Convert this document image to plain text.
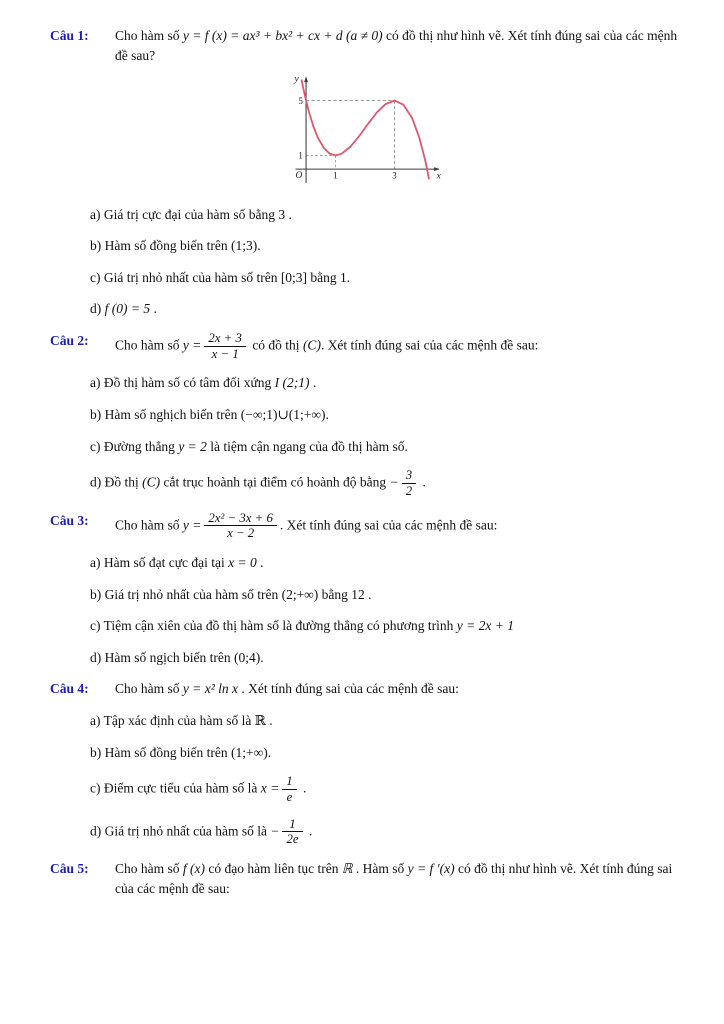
Câu 1:	Cho hàm số y = f (x) = ax³ + bx² + cx + d (a ≠ 0) có đồ thị như hình vẽ. Xét tính đúng sai của các mệnh đề sau?
y
x
O
5
1
1	3
a) Giá trị cực đại của hàm số bằng 3 .
b) Hàm số đồng biến trên (1;3).
c) Giá trị nhỏ nhất của hàm số trên [0;3] bằng 1.
d) f (0) = 5 .
Câu 2:	Cho hàm số $y = \frac{2x + 3}{x - 1}$ có đồ thị (C). Xét tính đúng sai của các mệnh đề sau:
a) Đồ thị hàm số có tâm đối xứng I (2;1) .
b) Hàm số nghịch biến trên (−∞;1)∪(1;+∞).
c) Đường thẳng y = 2 là tiệm cận ngang của đồ thị hàm số.
d) Đồ thị (C) cắt trục hoành tại điểm có hoành độ bằng − $\frac{3}{2}$ .
Câu 3:	Cho hàm số $y = \frac{\text{2x² − 3x + 6}}{x - 2}$ . Xét tính đúng sai của các mệnh đề sau:
a) Hàm số đạt cực đại tại x = 0 .
b) Giá trị nhỏ nhất của hàm số trên (2;+∞) bằng 12 .
c) Tiệm cận xiên của đồ thị hàm số là đường thẳng có phương trình y = 2x + 1
d) Hàm số ngịch biến trên (0;4).
Câu 4:	Cho hàm số y = x² ln x . Xét tính đúng sai của các mệnh đề sau:
a) Tập xác định của hàm số là ℝ .
b) Hàm số đồng biến trên (1;+∞).
c) Điểm cực tiểu của hàm số là $x = \frac{1}{e}$ .
d) Giá trị nhỏ nhất của hàm số là − $\frac{1}{2e}$ .
Câu 5:	Cho hàm số f (x) có đạo hàm liên tục trên ℝ . Hàm số y = f ′(x) có đồ thị như hình vẽ. Xét tính đúng sai của các mệnh đề sau:
